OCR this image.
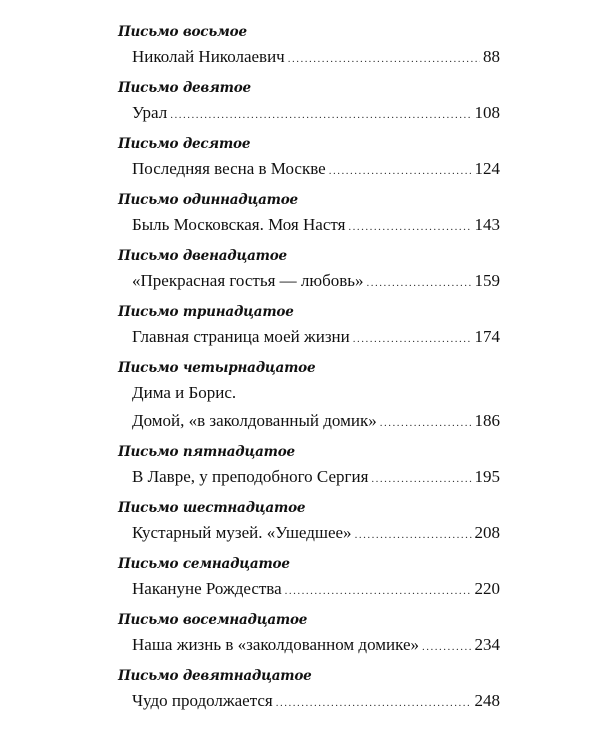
Письмо восьмое
Николай Николаевич .....	88
Письмо девятое
Урал .....	108
Письмо десятое
Последняя весна в Москве .....	124
Письмо одиннадцатое
Быль Московская. Моя Настя .....	143
Письмо двенадцатое
«Прекрасная гостья — любовь» .....	159
Письмо тринадцатое
Главная страница моей жизни .....	174
Письмо четырнадцатое
Дима и Борис.
Домой, «в заколдованный домик» .....	186
Письмо пятнадцатое
В Лавре, у преподобного Сергия .....	195
Письмо шестнадцатое
Кустарный музей. «Ушедшее» .....	208
Письмо семнадцатое
Накануне Рождества .....	220
Письмо восемнадцатое
Наша жизнь в «заколдованном домике» .....	234
Письмо девятнадцатое
Чудо продолжается .....	248
